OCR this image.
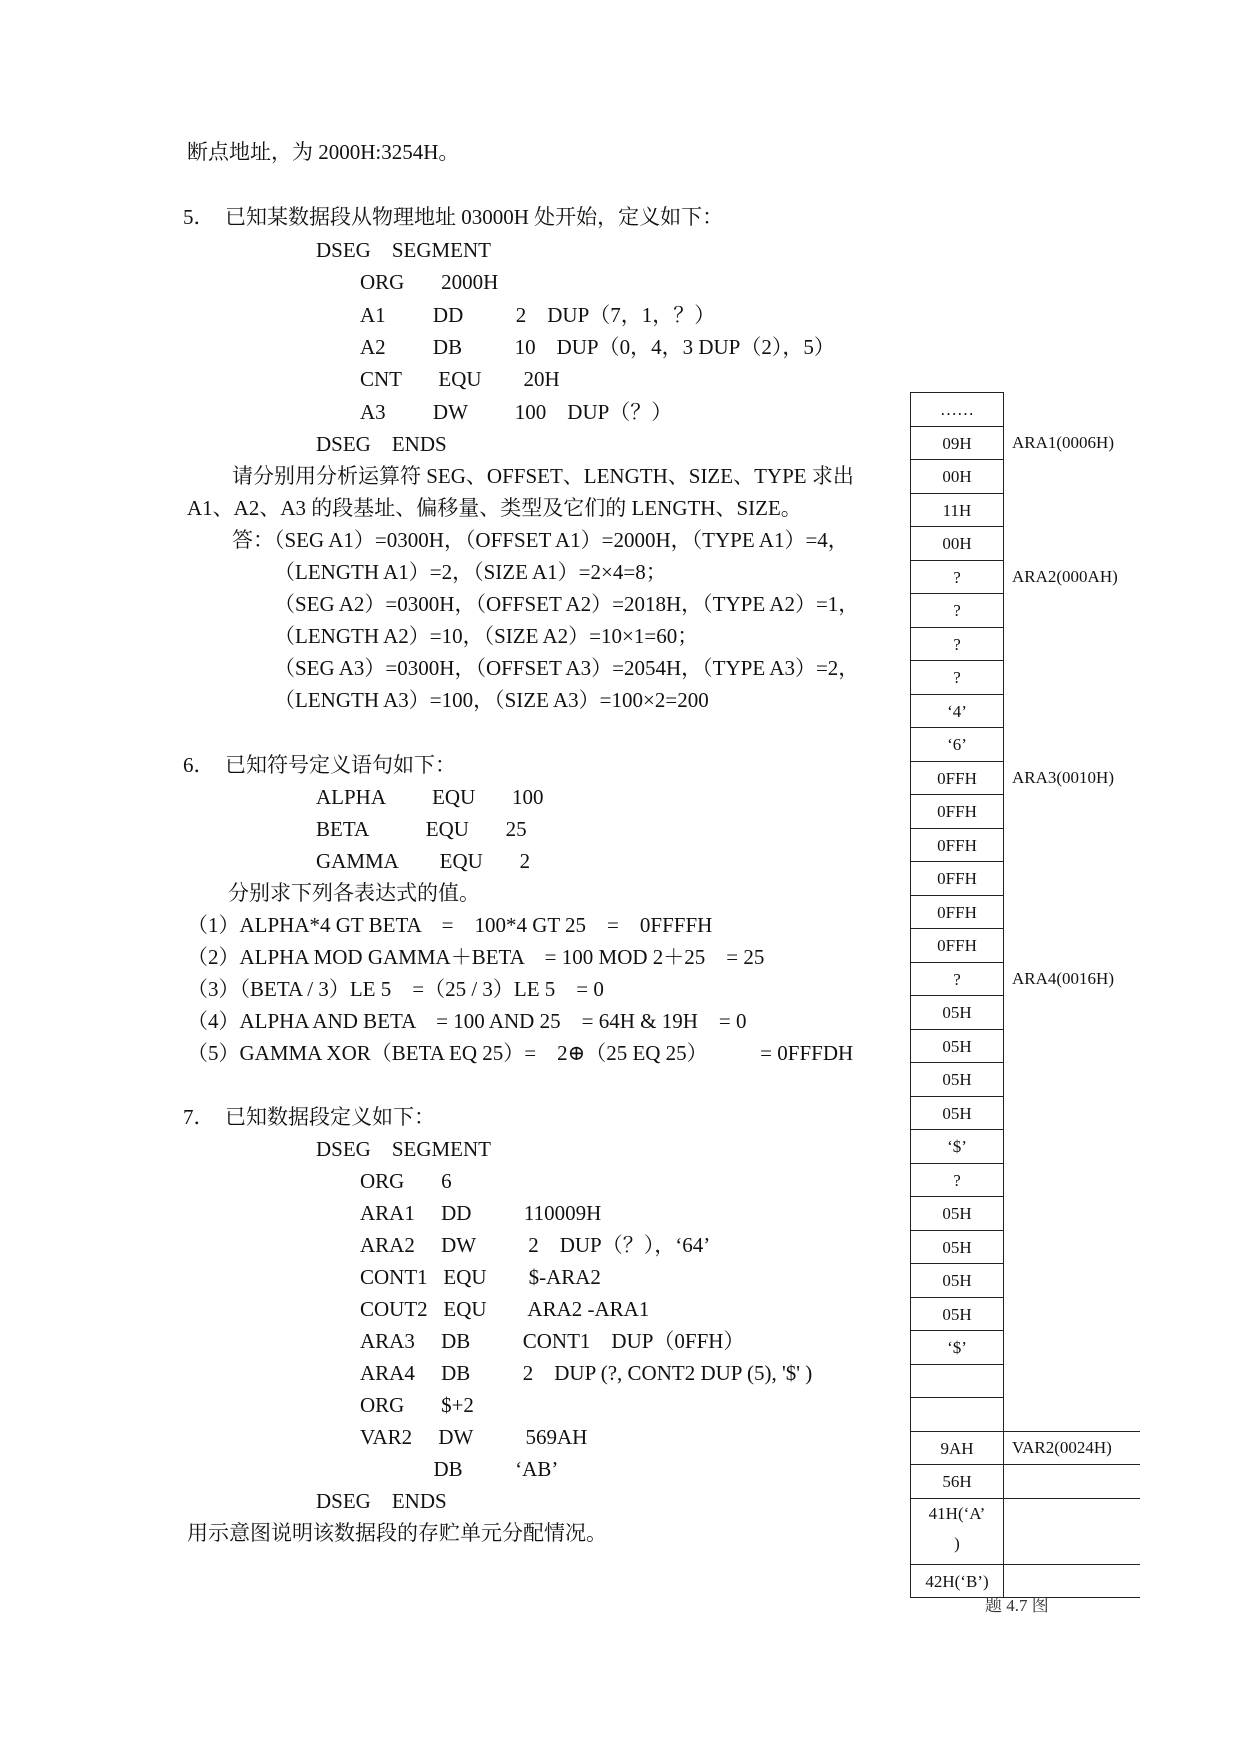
断点地址，为 2000H:3254H。
5．  已知某数据段从物理地址 03000H 处开始，定义如下：
DSEG    SEGMENT
ORG       2000H
A1         DD          2    DUP（7，1，？）
A2         DB          10    DUP（0，4，3 DUP（2），5）
CNT       EQU        20H
A3         DW         100    DUP（？）
DSEG    ENDS
请分别用分析运算符 SEG、OFFSET、LENGTH、SIZE、TYPE 求出
A1、A2、A3 的段基址、偏移量、类型及它们的 LENGTH、SIZE。
答：（SEG A1）=0300H，（OFFSET A1）=2000H，（TYPE A1）=4，
（LENGTH A1）=2，（SIZE A1）=2×4=8；
（SEG A2）=0300H，（OFFSET A2）=2018H，（TYPE A2）=1，
（LENGTH A2）=10，（SIZE A2）=10×1=60；
（SEG A3）=0300H，（OFFSET A3）=2054H，（TYPE A3）=2，
（LENGTH A3）=100，（SIZE A3）=100×2=200
6．  已知符号定义语句如下：
ALPHA         EQU       100
BETA           EQU       25
GAMMA        EQU       2
分别求下列各表达式的值。
（1）ALPHA*4 GT BETA    =    100*4 GT 25    =    0FFFFH
（2）ALPHA MOD GAMMA＋BETA    = 100 MOD 2＋25    = 25
（3）（BETA / 3）LE 5    =（25 / 3）LE 5    = 0
（4）ALPHA AND BETA    = 100 AND 25    = 64H & 19H    = 0
（5）GAMMA XOR（BETA EQ 25）=    2⊕（25 EQ 25）          = 0FFFDH
7．  已知数据段定义如下：
DSEG    SEGMENT
ORG       6
ARA1     DD          110009H
ARA2     DW          2    DUP（？），‘64’
CONT1   EQU        $-ARA2
COUT2   EQU        ARA2 -ARA1
ARA3     DB          CONT1    DUP（0FFH）
ARA4     DB          2    DUP (?, CONT2 DUP (5), '$' )
ORG       $+2
VAR2     DW          569AH
DB          ‘AB’
DSEG    ENDS
用示意图说明该数据段的存贮单元分配情况。
……
09H
00H
11H
00H
?
?
?
?
‘4’
‘6’
0FFH
0FFH
0FFH
0FFH
0FFH
0FFH
?
05H
05H
05H
05H
‘$’
?
05H
05H
05H
05H
‘$’
9AH
56H
41H(‘A’
)
42H(‘B’)
ARA1(0006H)
ARA2(000AH)
ARA3(0010H)
ARA4(0016H)
VAR2(0024H)
题 4.7 图
